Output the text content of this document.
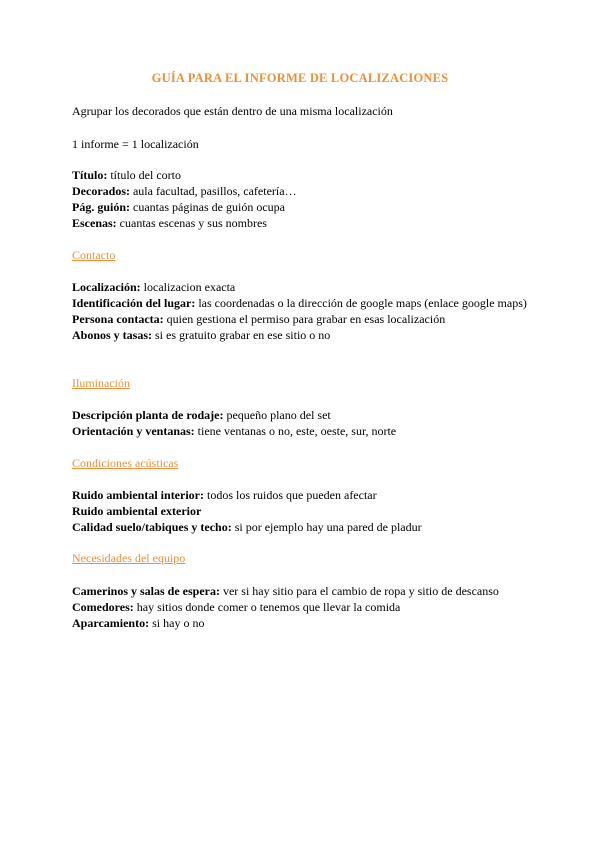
GUÍA PARA EL INFORME DE LOCALIZACIONES
Agrupar los decorados que están dentro de una misma localización
1 informe = 1 localización
Título: título del corto
Decorados: aula facultad, pasillos, cafetería…
Pág. guión: cuantas páginas de guión ocupa
Escenas: cuantas escenas y sus nombres
Contacto
Localización: localizacion exacta
Identificación del lugar: las coordenadas o la dirección de google maps (enlace google maps)
Persona contacta: quien gestiona el permiso para grabar en esas localización
Abonos y tasas: si es gratuito grabar en ese sitio o no
Iluminación
Descripción planta de rodaje: pequeño plano del set
Orientación y ventanas: tiene ventanas o no, este, oeste, sur, norte
Condiciones acústicas
Ruido ambiental interior: todos los ruidos que pueden afectar
Ruido ambiental exterior
Calidad suelo/tabiques y techo: si por ejemplo hay una pared de pladur
Necesidades del equipo
Camerinos y salas de espera: ver si hay sitio para el cambio de ropa y sitio de descanso
Comedores: hay sitios donde comer o tenemos que llevar la comida
Aparcamiento: si hay o no
